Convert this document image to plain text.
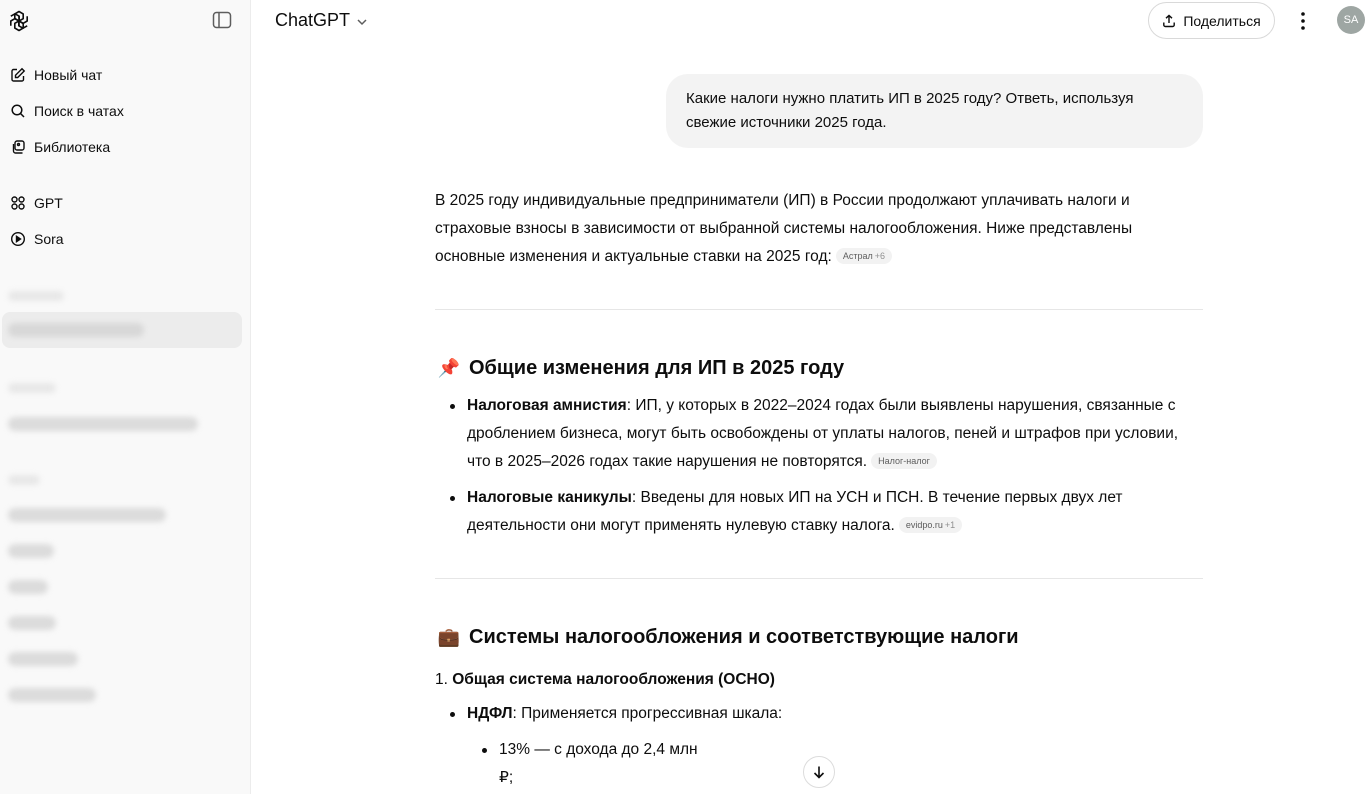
Новый чат
Поиск в чатах
Библиотека
GPT
Sora
ChatGPT	Поделиться	SA
Какие налоги нужно платить ИП в 2025 году? Ответь, используя свежие источники 2025 года.
В 2025 году индивидуальные предприниматели (ИП) в России продолжают уплачивать налоги и страховые взносы в зависимости от выбранной системы налогообложения. Ниже представлены основные изменения и актуальные ставки на 2025 год: Астрал +6
📌 Общие изменения для ИП в 2025 году
Налоговая амнистия: ИП, у которых в 2022–2024 годах были выявлены нарушения, связанные с дроблением бизнеса, могут быть освобождены от уплаты налогов, пеней и штрафов при условии, что в 2025–2026 годах такие нарушения не повторятся. Налог-налог
Налоговые каникулы: Введены для новых ИП на УСН и ПСН. В течение первых двух лет деятельности они могут применять нулевую ставку налога. evidpo.ru +1
💼 Системы налогообложения и соответствующие налоги
1. Общая система налогообложения (ОСНО)
НДФЛ: Применяется прогрессивная шкала:
13% — с дохода до 2,4 млн ₽;
